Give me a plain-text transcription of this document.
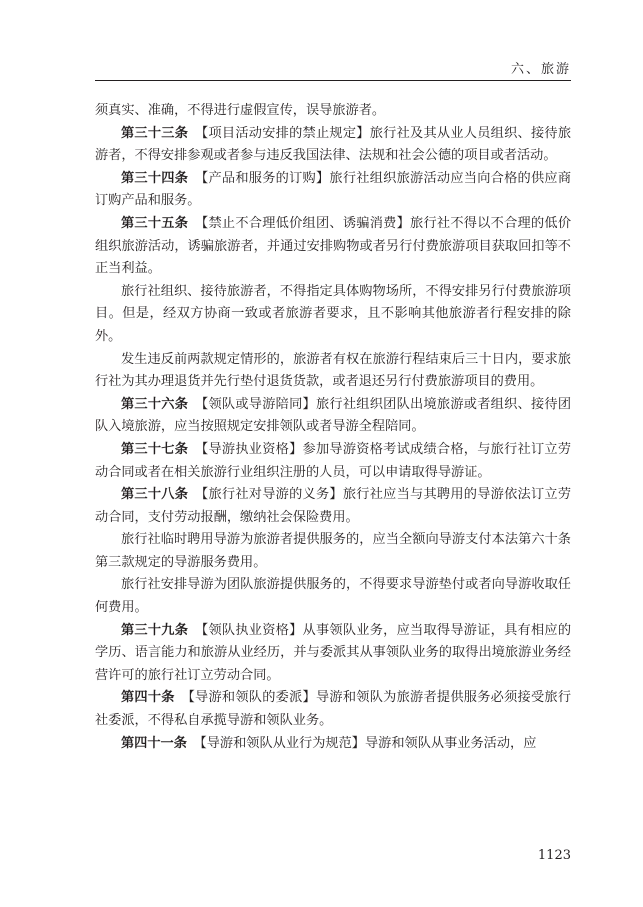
六、旅游

须真实、准确，不得进行虚假宣传，误导旅游者。

第三十三条  【项目活动安排的禁止规定】旅行社及其从业人员组织、接待旅游者，不得安排参观或者参与违反我国法律、法规和社会公德的项目或者活动。

第三十四条  【产品和服务的订购】旅行社组织旅游活动应当向合格的供应商订购产品和服务。

第三十五条  【禁止不合理低价组团、诱骗消费】旅行社不得以不合理的低价组织旅游活动，诱骗旅游者，并通过安排购物或者另行付费旅游项目获取回扣等不正当利益。

旅行社组织、接待旅游者，不得指定具体购物场所，不得安排另行付费旅游项目。但是，经双方协商一致或者旅游者要求，且不影响其他旅游者行程安排的除外。

发生违反前两款规定情形的，旅游者有权在旅游行程结束后三十日内，要求旅行社为其办理退货并先行垫付退货货款，或者退还另行付费旅游项目的费用。

第三十六条  【领队或导游陪同】旅行社组织团队出境旅游或者组织、接待团队入境旅游，应当按照规定安排领队或者导游全程陪同。

第三十七条  【导游执业资格】参加导游资格考试成绩合格，与旅行社订立劳动合同或者在相关旅游行业组织注册的人员，可以申请取得导游证。

第三十八条  【旅行社对导游的义务】旅行社应当与其聘用的导游依法订立劳动合同，支付劳动报酬，缴纳社会保险费用。

旅行社临时聘用导游为旅游者提供服务的，应当全额向导游支付本法第六十条第三款规定的导游服务费用。

旅行社安排导游为团队旅游提供服务的，不得要求导游垫付或者向导游收取任何费用。

第三十九条  【领队执业资格】从事领队业务，应当取得导游证，具有相应的学历、语言能力和旅游从业经历，并与委派其从事领队业务的取得出境旅游业务经营许可的旅行社订立劳动合同。

第四十条  【导游和领队的委派】导游和领队为旅游者提供服务必须接受旅行社委派，不得私自承揽导游和领队业务。

第四十一条  【导游和领队从业行为规范】导游和领队从事业务活动，应

1123
